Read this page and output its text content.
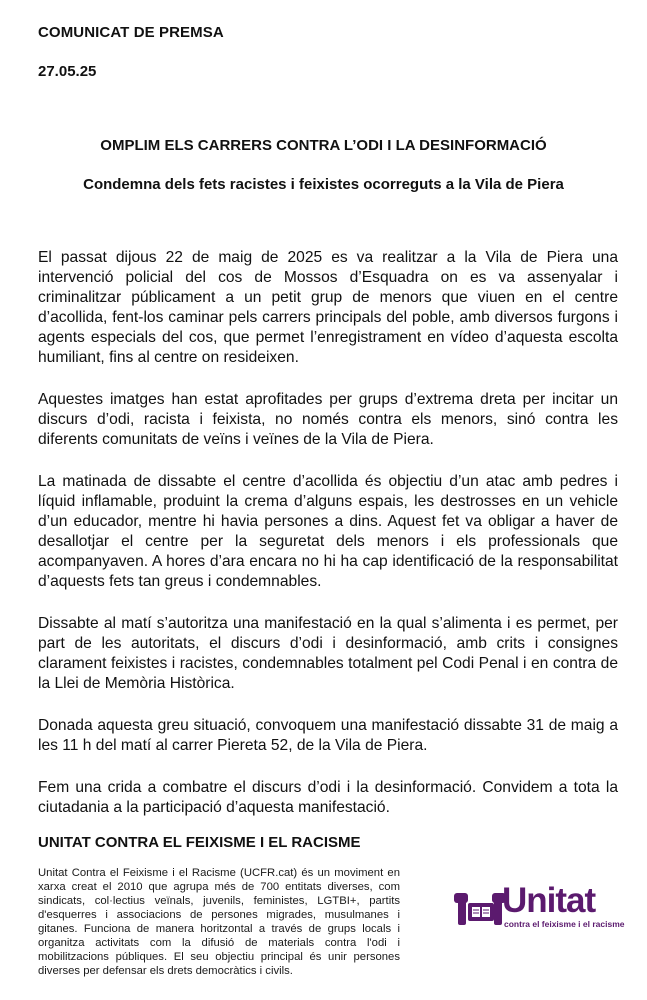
COMUNICAT DE PREMSA
27.05.25
OMPLIM ELS CARRERS CONTRA L’ODI I LA DESINFORMACIÓ
Condemna dels fets racistes i feixistes ocorreguts a la Vila de Piera

El passat dijous 22 de maig de 2025 es va realitzar a la Vila de Piera una intervenció policial del cos de Mossos d’Esquadra on es va assenyalar i criminalitzar públicament a un petit grup de menors que viuen en el centre d’acollida, fent-los caminar pels carrers principals del poble, amb diversos furgons i agents especials del cos, que permet l’enregistrament en vídeo d’aquesta escolta humiliant, fins al centre on resideixen.

Aquestes imatges han estat aprofitades per grups d’extrema dreta per incitar un discurs d’odi, racista i feixista, no només contra els menors, sinó contra les diferents comunitats de veïns i veïnes de la Vila de Piera.

La matinada de dissabte el centre d’acollida és objectiu d’un atac amb pedres i líquid inflamable, produint la crema d’alguns espais, les destrosses en un vehicle d’un educador, mentre hi havia persones a dins. Aquest fet va obligar a haver de desallotjar el centre per la seguretat dels menors i els professionals que acompanyaven. A hores d’ara encara no hi ha cap identificació de la responsabilitat d’aquests fets tan greus i condemnables.

Dissabte al matí s’autoritza una manifestació en la qual s’alimenta i es permet, per part de les autoritats, el discurs d’odi i desinformació, amb crits i consignes clarament feixistes i racistes, condemnables totalment pel Codi Penal i en contra de la Llei de Memòria Històrica.

Donada aquesta greu situació, convoquem una manifestació dissabte 31 de maig a les 11 h del matí al carrer Piereta 52, de la Vila de Piera.

Fem una crida a combatre el discurs d’odi i la desinformació. Convidem a tota la ciutadania a la participació d’aquesta manifestació.

UNITAT CONTRA EL FEIXISME I EL RACISME
Unitat Contra el Feixisme i el Racisme (UCFR.cat) és un moviment en xarxa creat el 2010 que agrupa més de 700 entitats diverses, com sindicats, col·lectius veïnals, juvenils, feministes, LGTBI+, partits d'esquerres i associacions de persones migrades, musulmanes i gitanes. Funciona de manera horitzontal a través de grups locals i organitza activitats com la difusió de materials contra l'odi i mobilitzacions públiques. El seu objectiu principal és unir persones diverses per defensar els drets democràtics i civils.
Unitat
contra el feixisme i el racisme
